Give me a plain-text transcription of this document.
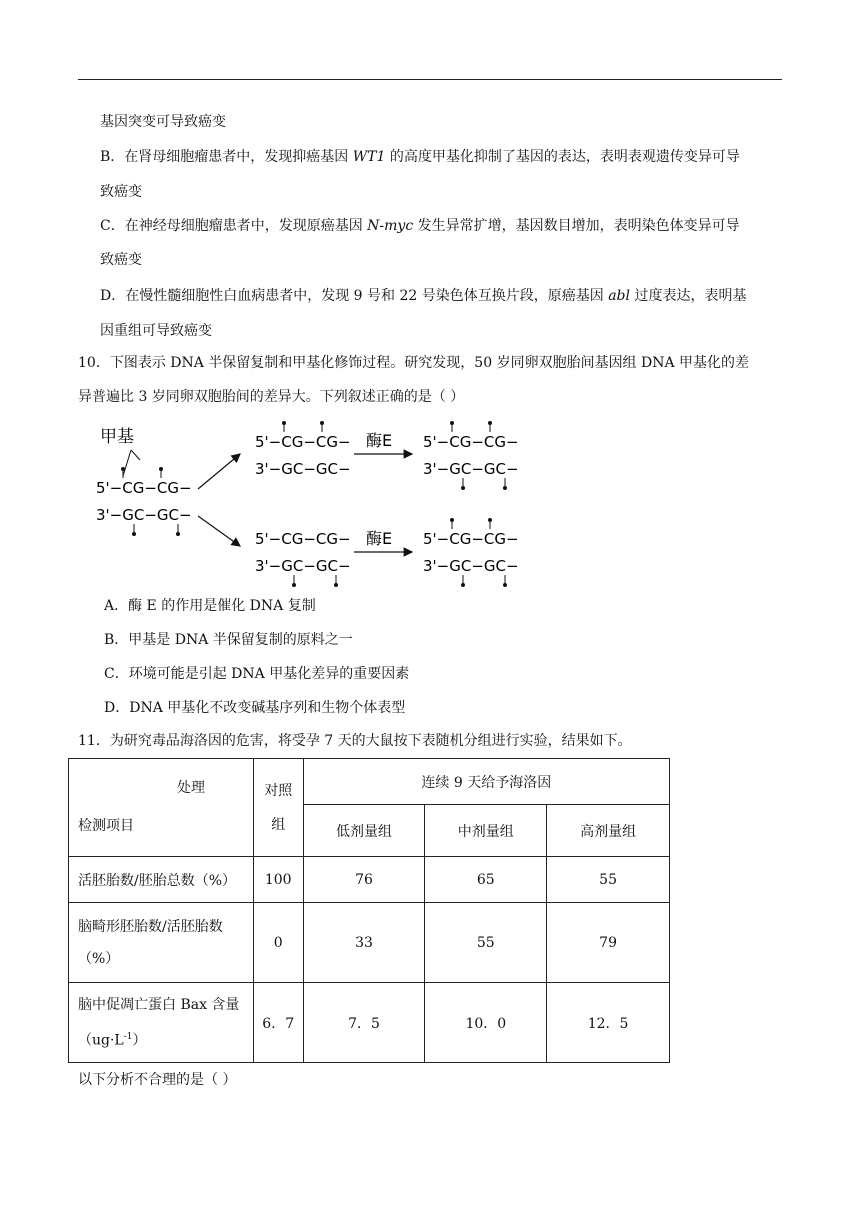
基因突变可导致癌变
B．在肾母细胞瘤患者中，发现抑癌基因 WT1 的高度甲基化抑制了基因的表达，表明表观遗传变异可导
致癌变
C．在神经母细胞瘤患者中，发现原癌基因 N-myc 发生异常扩增，基因数目增加，表明染色体变异可导
致癌变
D．在慢性髓细胞性白血病患者中，发现 9 号和 22 号染色体互换片段，原癌基因 abl 过度表达，表明基
因重组可导致癌变
10．下图表示 DNA 半保留复制和甲基化修饰过程。研究发现，50 岁同卵双胞胎间基因组 DNA 甲基化的差
异普遍比 3 岁同卵双胞胎间的差异大。下列叙述正确的是（ ）
甲基
5'−CG−CG−
3'−GC−GC−
5'−CG−CG−
3'−GC−GC−
酶E 5'−CG−CG−
3'−GC−GC−
5'−CG−CG−
3'−GC−GC−
酶E 5'−CG−CG−
3'−GC−GC−
A．酶 E 的作用是催化 DNA 复制
B．甲基是 DNA 半保留复制的原料之一
C．环境可能是引起 DNA 甲基化差异的重要因素
D．DNA 甲基化不改变碱基序列和生物个体表型
11．为研究毒品海洛因的危害，将受孕 7 天的大鼠按下表随机分组进行实验，结果如下。
处理
检测项目	对照
组	连续 9 天给予海洛因		
		低剂量组	中剂量组	高剂量组
活胚胎数/胚胎总数（%）	100	76	65	55
脑畸形胚胎数/活胚胎数
（%）	0	33	55	79
脑中促凋亡蛋白 Bax 含量
$(ug\cdot L^{-1})$	6．7	7．5	10．0	12．5
以下分析不合理的是（ ）
